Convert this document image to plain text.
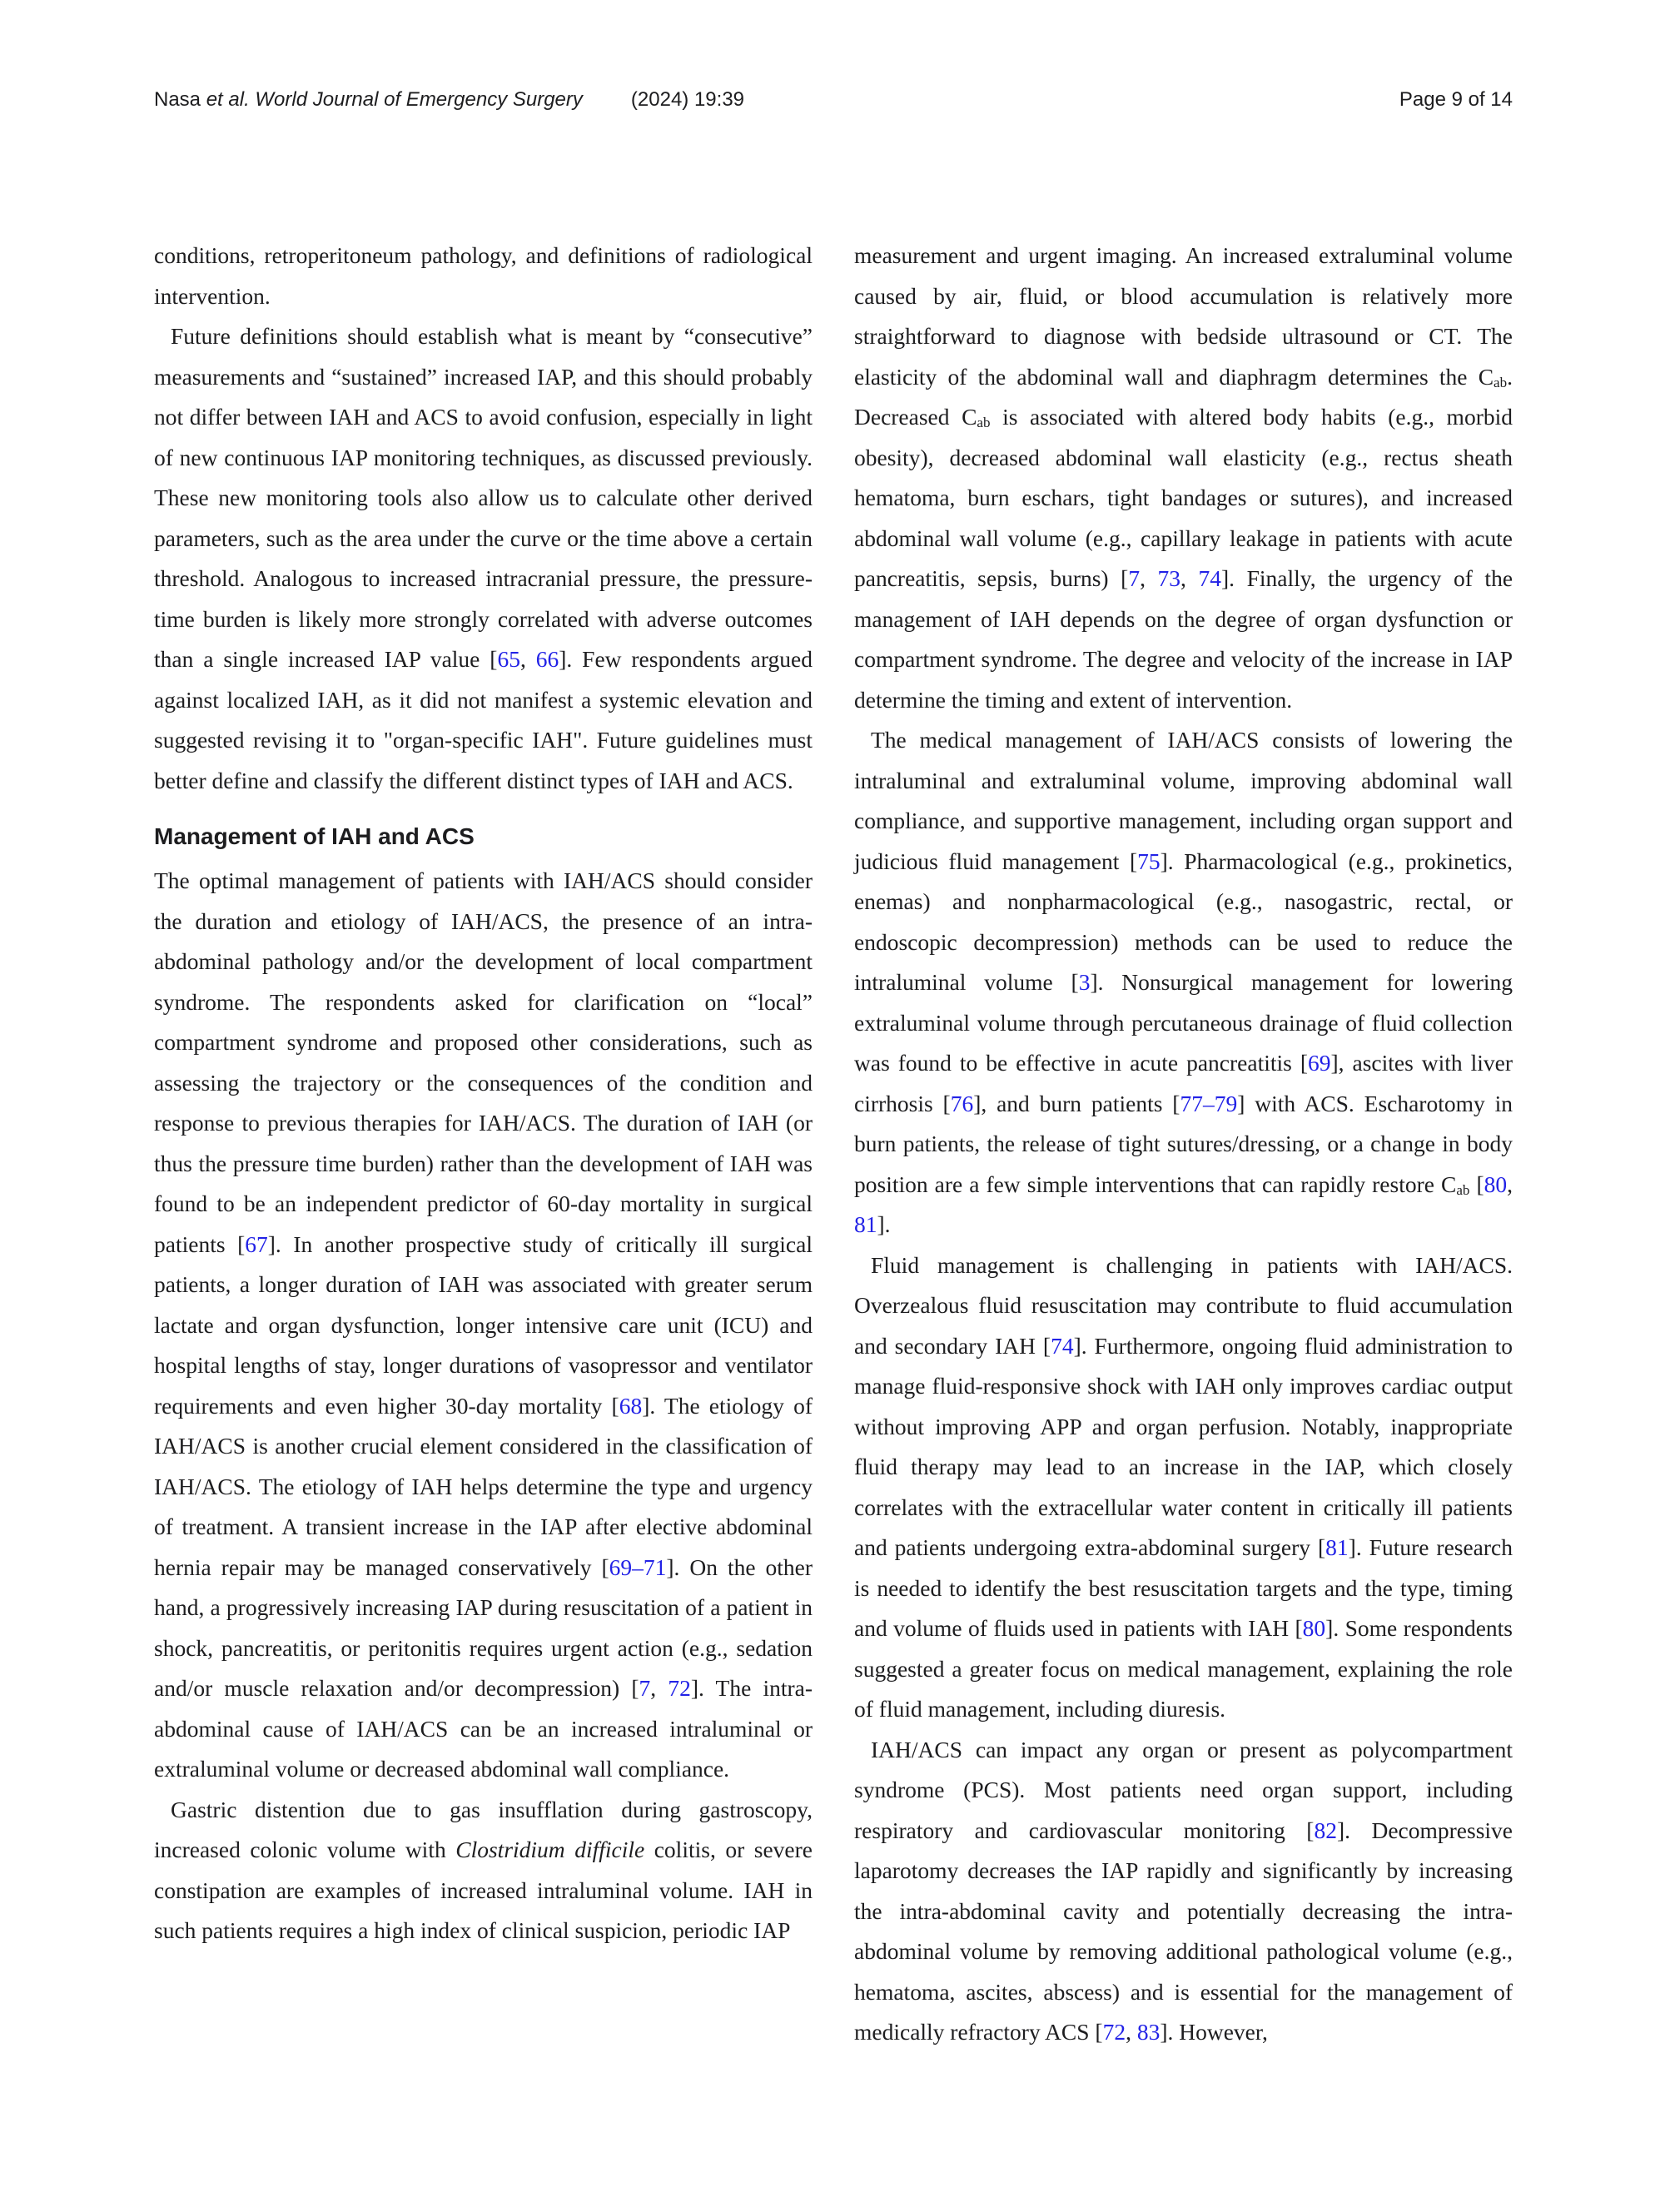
Nasa et al. World Journal of Emergency Surgery (2024) 19:39	Page 9 of 14

conditions, retroperitoneum pathology, and definitions of radiological intervention.

Future definitions should establish what is meant by “consecutive” measurements and “sustained” increased IAP, and this should probably not differ between IAH and ACS to avoid confusion, especially in light of new continuous IAP monitoring techniques, as discussed previously. These new monitoring tools also allow us to calculate other derived parameters, such as the area under the curve or the time above a certain threshold. Analogous to increased intracranial pressure, the pressure-time burden is likely more strongly correlated with adverse outcomes than a single increased IAP value [65, 66]. Few respondents argued against localized IAH, as it did not manifest a systemic elevation and suggested revising it to "organ-specific IAH". Future guidelines must better define and classify the different distinct types of IAH and ACS.

Management of IAH and ACS

The optimal management of patients with IAH/ACS should consider the duration and etiology of IAH/ACS, the presence of an intra-abdominal pathology and/or the development of local compartment syndrome. The respondents asked for clarification on “local” compartment syndrome and proposed other considerations, such as assessing the trajectory or the consequences of the condition and response to previous therapies for IAH/ACS. The duration of IAH (or thus the pressure time burden) rather than the development of IAH was found to be an independent predictor of 60-day mortality in surgical patients [67]. In another prospective study of critically ill surgical patients, a longer duration of IAH was associated with greater serum lactate and organ dysfunction, longer intensive care unit (ICU) and hospital lengths of stay, longer durations of vasopressor and ventilator requirements and even higher 30-day mortality [68]. The etiology of IAH/ACS is another crucial element considered in the classification of IAH/ACS. The etiology of IAH helps determine the type and urgency of treatment. A transient increase in the IAP after elective abdominal hernia repair may be managed conservatively [69–71]. On the other hand, a progressively increasing IAP during resuscitation of a patient in shock, pancreatitis, or peritonitis requires urgent action (e.g., sedation and/or muscle relaxation and/or decompression) [7, 72]. The intra-abdominal cause of IAH/ACS can be an increased intraluminal or extraluminal volume or decreased abdominal wall compliance.

Gastric distention due to gas insufflation during gastroscopy, increased colonic volume with Clostridium difficile colitis, or severe constipation are examples of increased intraluminal volume. IAH in such patients requires a high index of clinical suspicion, periodic IAP

measurement and urgent imaging. An increased extraluminal volume caused by air, fluid, or blood accumulation is relatively more straightforward to diagnose with bedside ultrasound or CT. The elasticity of the abdominal wall and diaphragm determines the Cab. Decreased Cab is associated with altered body habits (e.g., morbid obesity), decreased abdominal wall elasticity (e.g., rectus sheath hematoma, burn eschars, tight bandages or sutures), and increased abdominal wall volume (e.g., capillary leakage in patients with acute pancreatitis, sepsis, burns) [7, 73, 74]. Finally, the urgency of the management of IAH depends on the degree of organ dysfunction or compartment syndrome. The degree and velocity of the increase in IAP determine the timing and extent of intervention.

The medical management of IAH/ACS consists of lowering the intraluminal and extraluminal volume, improving abdominal wall compliance, and supportive management, including organ support and judicious fluid management [75]. Pharmacological (e.g., prokinetics, enemas) and nonpharmacological (e.g., nasogastric, rectal, or endoscopic decompression) methods can be used to reduce the intraluminal volume [3]. Nonsurgical management for lowering extraluminal volume through percutaneous drainage of fluid collection was found to be effective in acute pancreatitis [69], ascites with liver cirrhosis [76], and burn patients [77–79] with ACS. Escharotomy in burn patients, the release of tight sutures/dressing, or a change in body position are a few simple interventions that can rapidly restore Cab [80, 81].

Fluid management is challenging in patients with IAH/ACS. Overzealous fluid resuscitation may contribute to fluid accumulation and secondary IAH [74]. Furthermore, ongoing fluid administration to manage fluid-responsive shock with IAH only improves cardiac output without improving APP and organ perfusion. Notably, inappropriate fluid therapy may lead to an increase in the IAP, which closely correlates with the extracellular water content in critically ill patients and patients undergoing extra-abdominal surgery [81]. Future research is needed to identify the best resuscitation targets and the type, timing and volume of fluids used in patients with IAH [80]. Some respondents suggested a greater focus on medical management, explaining the role of fluid management, including diuresis.

IAH/ACS can impact any organ or present as polycompartment syndrome (PCS). Most patients need organ support, including respiratory and cardiovascular monitoring [82]. Decompressive laparotomy decreases the IAP rapidly and significantly by increasing the intra-abdominal cavity and potentially decreasing the intra-abdominal volume by removing additional pathological volume (e.g., hematoma, ascites, abscess) and is essential for the management of medically refractory ACS [72, 83]. However,
